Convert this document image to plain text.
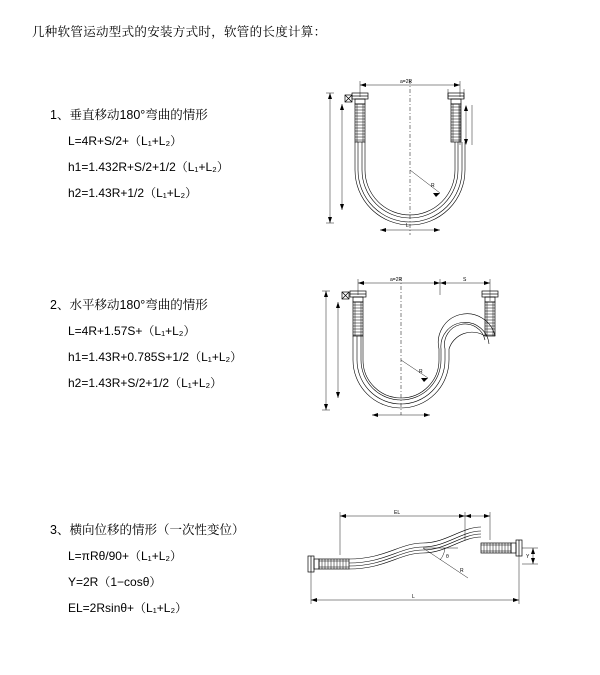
几种软管运动型式的安装方式时，软管的长度计算：
1、垂直移动180°弯曲的情形
L=4R+S/2+（L₁+L₂）
h1=1.432R+S/2+1/2（L₁+L₂）
h2=1.43R+1/2（L₁+L₂）
a=2R
R
L
2、水平移动180°弯曲的情形
L=4R+1.57S+（L₁+L₂）
h1=1.43R+0.785S+1/2（L₁+L₂）
h2=1.43R+S/2+1/2（L₁+L₂）
a=2R	S
R
3、横向位移的情形（一次性变位）
L=πRθ/90+（L₁+L₂）
Y=2R（1−cosθ）
EL=2Rsinθ+（L₁+L₂）
EL
θ
R
Y
L
